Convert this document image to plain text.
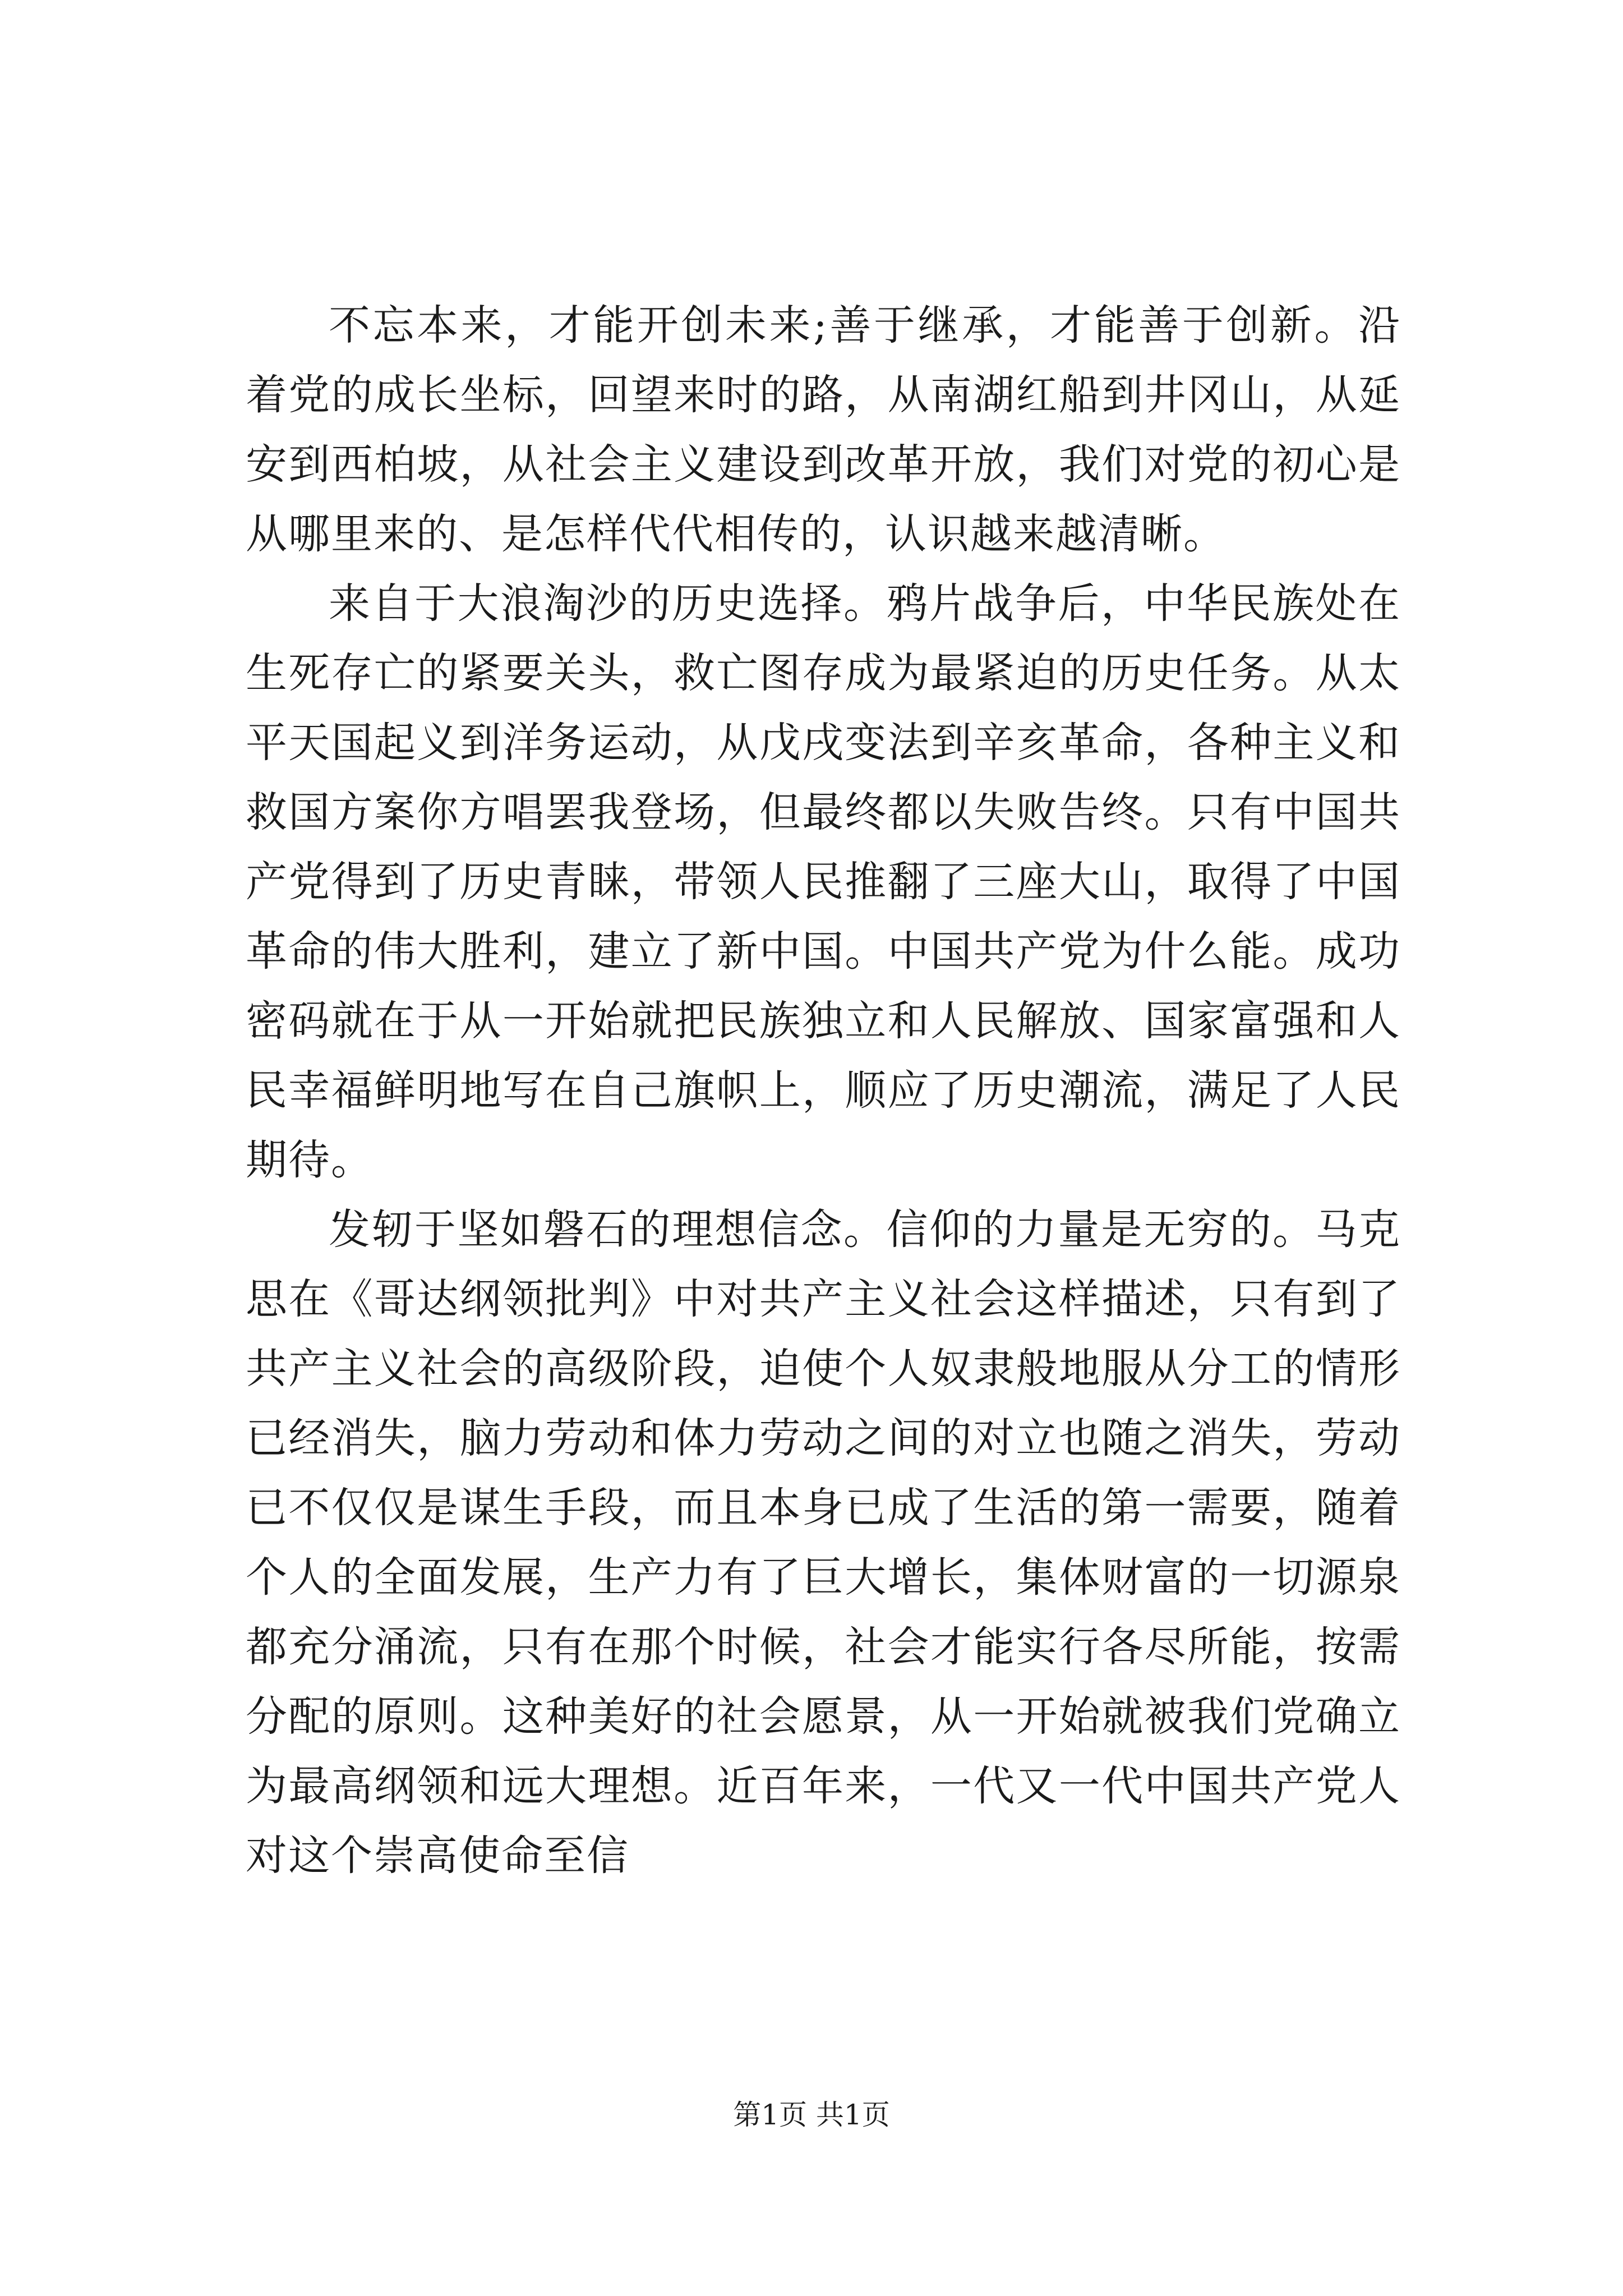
不忘本来，才能开创未来;善于继承，才能善于创新。沿着党的成长坐标，回望来时的路，从南湖红船到井冈山，从延安到西柏坡，从社会主义建设到改革开放，我们对党的初心是从哪里来的、是怎样代代相传的，认识越来越清晰。

来自于大浪淘沙的历史选择。鸦片战争后，中华民族处在生死存亡的紧要关头，救亡图存成为最紧迫的历史任务。从太平天国起义到洋务运动，从戊戌变法到辛亥革命，各种主义和救国方案你方唱罢我登场，但最终都以失败告终。只有中国共产党得到了历史青睐，带领人民推翻了三座大山，取得了中国革命的伟大胜利，建立了新中国。中国共产党为什么能。成功密码就在于从一开始就把民族独立和人民解放、国家富强和人民幸福鲜明地写在自己旗帜上，顺应了历史潮流，满足了人民期待。

发轫于坚如磐石的理想信念。信仰的力量是无穷的。马克思在《哥达纲领批判》中对共产主义社会这样描述，只有到了共产主义社会的高级阶段，迫使个人奴隶般地服从分工的情形已经消失，脑力劳动和体力劳动之间的对立也随之消失，劳动已不仅仅是谋生手段，而且本身已成了生活的第一需要，随着个人的全面发展，生产力有了巨大增长，集体财富的一切源泉都充分涌流，只有在那个时候，社会才能实行各尽所能，按需分配的原则。这种美好的社会愿景，从一开始就被我们党确立为最高纲领和远大理想。近百年来，一代又一代中国共产党人对这个崇高使命至信

第1页 共1页
